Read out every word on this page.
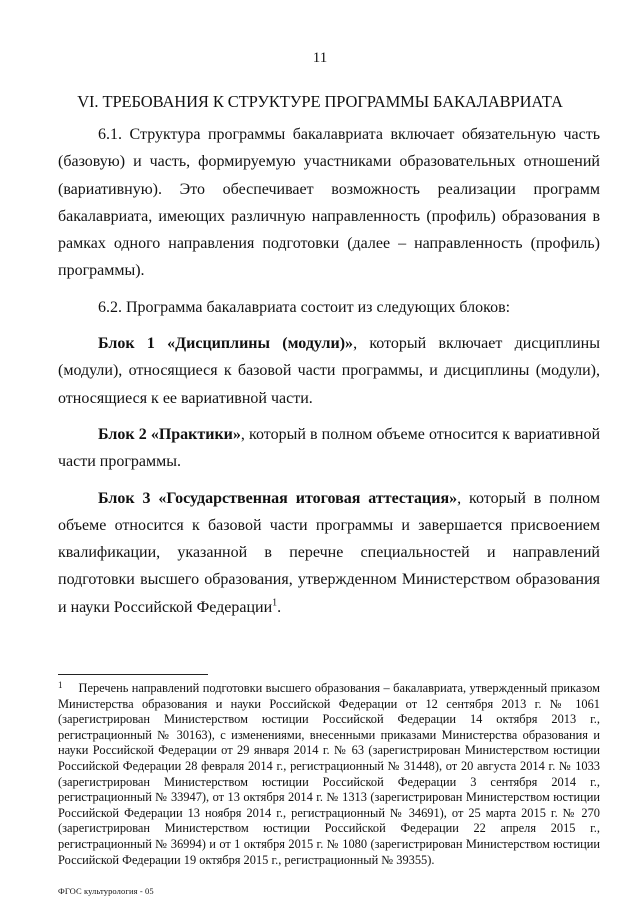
11
VI. ТРЕБОВАНИЯ К СТРУКТУРЕ ПРОГРАММЫ БАКАЛАВРИАТА

6.1. Структура программы бакалавриата включает обязательную часть (базовую) и часть, формируемую участниками образовательных отношений (вариативную). Это обеспечивает возможность реализации программ бакалавриата, имеющих различную направленность (профиль) образования в рамках одного направления подготовки (далее – направленность (профиль) программы).

6.2. Программа бакалавриата состоит из следующих блоков:

Блок 1 «Дисциплины (модули)», который включает дисциплины (модули), относящиеся к базовой части программы, и дисциплины (модули), относящиеся к ее вариативной части.

Блок 2 «Практики», который в полном объеме относится к вариативной части программы.

Блок 3 «Государственная итоговая аттестация», который в полном объеме относится к базовой части программы и завершается присвоением квалификации, указанной в перечне специальностей и направлений подготовки высшего образования, утвержденном Министерством образования и науки Российской Федерации$^1$.

$^1$ Перечень направлений подготовки высшего образования – бакалавриата, утвержденный приказом Министерства образования и науки Российской Федерации от 12 сентября 2013 г. № 1061 (зарегистрирован Министерством юстиции Российской Федерации 14 октября 2013 г., регистрационный № 30163), с изменениями, внесенными приказами Министерства образования и науки Российской Федерации от 29 января 2014 г. № 63 (зарегистрирован Министерством юстиции Российской Федерации 28 февраля 2014 г., регистрационный № 31448), от 20 августа 2014 г. № 1033 (зарегистрирован Министерством юстиции Российской Федерации 3 сентября 2014 г., регистрационный № 33947), от 13 октября 2014 г. № 1313 (зарегистрирован Министерством юстиции Российской Федерации 13 ноября 2014 г., регистрационный № 34691), от 25 марта 2015 г. № 270 (зарегистрирован Министерством юстиции Российской Федерации 22 апреля 2015 г., регистрационный № 36994) и от 1 октября 2015 г. № 1080 (зарегистрирован Министерством юстиции Российской Федерации 19 октября 2015 г., регистрационный № 39355).
ФГОС культурология - 05
